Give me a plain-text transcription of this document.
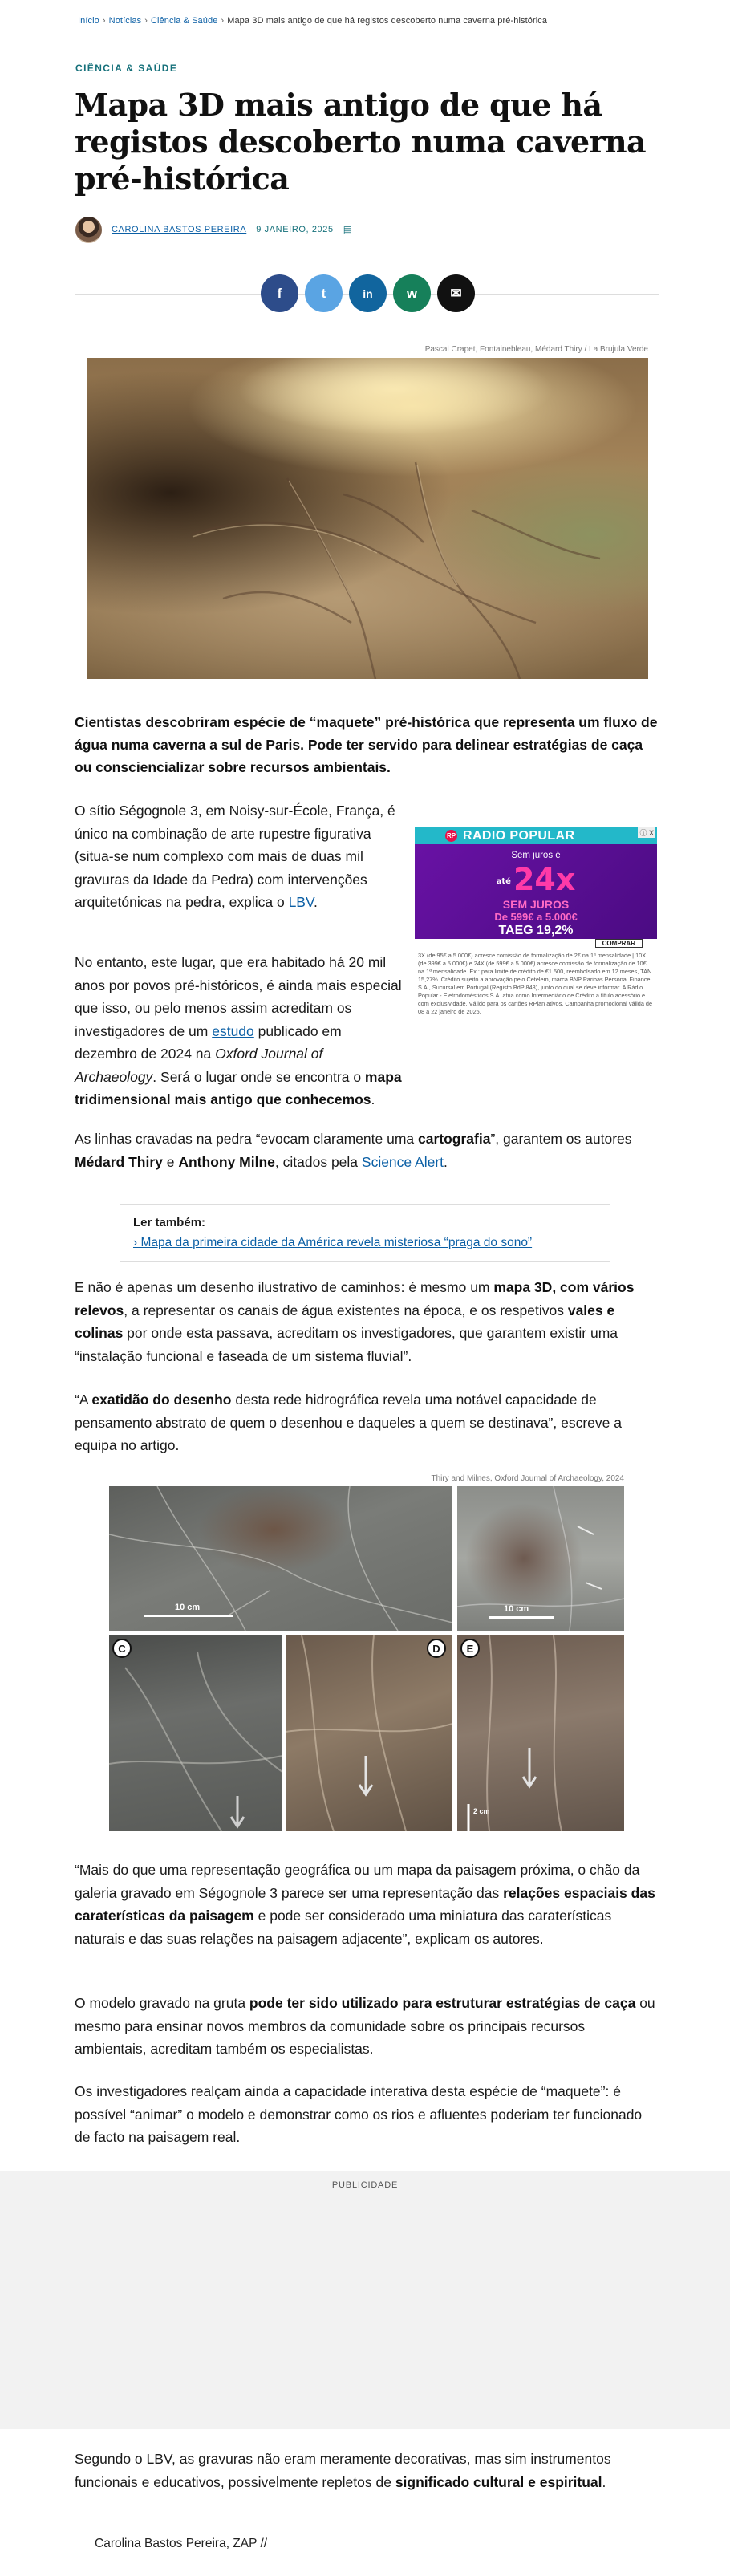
Início › Notícias › Ciência & Saúde › Mapa 3D mais antigo de que há registos descoberto numa caverna pré-histórica
CIÊNCIA & SAÚDE
Mapa 3D mais antigo de que há registos descoberto numa caverna pré-histórica
CAROLINA BASTOS PEREIRA 9 JANEIRO, 2025 ▤
f	t	in w ✉
Pascal Crapet, Fontainebleau, Médard Thiry / La Brujula Verde

Cientistas descobriram espécie de “maquete” pré-histórica que representa um fluxo de água numa caverna a sul de Paris. Pode ter servido para delinear estratégias de caça ou consciencializar sobre recursos ambientais.

O sítio Ségognole 3, em Noisy-sur-École, França, é único na combinação de arte rupestre figurativa (situa-se num complexo com mais de duas mil gravuras da Idade da Pedra) com intervenções arquitetónicas na pedra, explica o LBV.

RP RADIO POPULAR	ⓘ X
Sem juros é
até24x
SEM JUROS
De 599€ a 5.000€
TAEG 19,2%
COMPRAR
3X (de 95€ a 5.000€) acresce comissão de formalização de 2€ na 1ª mensalidade | 10X (de 399€ a 5.000€) e 24X (de 599€ a 5.000€) acresce comissão de formalização de 10€ na 1ª mensalidade. Ex.: para limite de crédito de €1.500, reembolsado em 12 meses, TAN 15,27%. Crédito sujeito a aprovação pelo Cetelem, marca BNP Paribas Personal Finance, S.A., Sucursal em Portugal (Registo BdP 848), junto do qual se deve informar. A Rádio Popular - Eletrodomésticos S.A. atua como Intermediário de Crédito a título acessório e com exclusividade. Válido para os cartões RPlan ativos. Campanha promocional válida de 08 a 22 janeiro de 2025.

No entanto, este lugar, que era habitado há 20 mil anos por povos pré-históricos, é ainda mais especial que isso, ou pelo menos assim acreditam os investigadores de um estudo publicado em dezembro de 2024 na Oxford Journal of Archaeology. Será o lugar onde se encontra o mapa tridimensional mais antigo que conhecemos.

As linhas cravadas na pedra “evocam claramente uma cartografia”, garantem os autores Médard Thiry e Anthony Milne, citados pela Science Alert.

Ler também:
› Mapa da primeira cidade da América revela misteriosa “praga do sono”

E não é apenas um desenho ilustrativo de caminhos: é mesmo um mapa 3D, com vários relevos, a representar os canais de água existentes na época, e os respetivos vales e colinas por onde esta passava, acreditam os investigadores, que garantem existir uma “instalação funcional e faseada de um sistema fluvial”.

“A exatidão do desenho desta rede hidrográfica revela uma notável capacidade de pensamento abstrato de quem o desenhou e daqueles a quem se destinava”, escreve a equipa no artigo.

Thiry and Milnes, Oxford Journal of Archaeology, 2024
10 cm	10 cm
C	D	E
2 cm

“Mais do que uma representação geográfica ou um mapa da paisagem próxima, o chão da galeria gravado em Ségognole 3 parece ser uma representação das relações espaciais das caraterísticas da paisagem e pode ser considerado uma miniatura das caraterísticas naturais e das suas relações na paisagem adjacente”, explicam os autores.

O modelo gravado na gruta pode ter sido utilizado para estruturar estratégias de caça ou mesmo para ensinar novos membros da comunidade sobre os principais recursos ambientais, acreditam também os especialistas.

Os investigadores realçam ainda a capacidade interativa desta espécie de “maquete”: é possível “animar” o modelo e demonstrar como os rios e afluentes poderiam ter funcionado de facto na paisagem real.

PUBLICIDADE

Segundo o LBV, as gravuras não eram meramente decorativas, mas sim instrumentos funcionais e educativos, possivelmente repletos de significado cultural e espiritual.

Carolina Bastos Pereira, ZAP //
